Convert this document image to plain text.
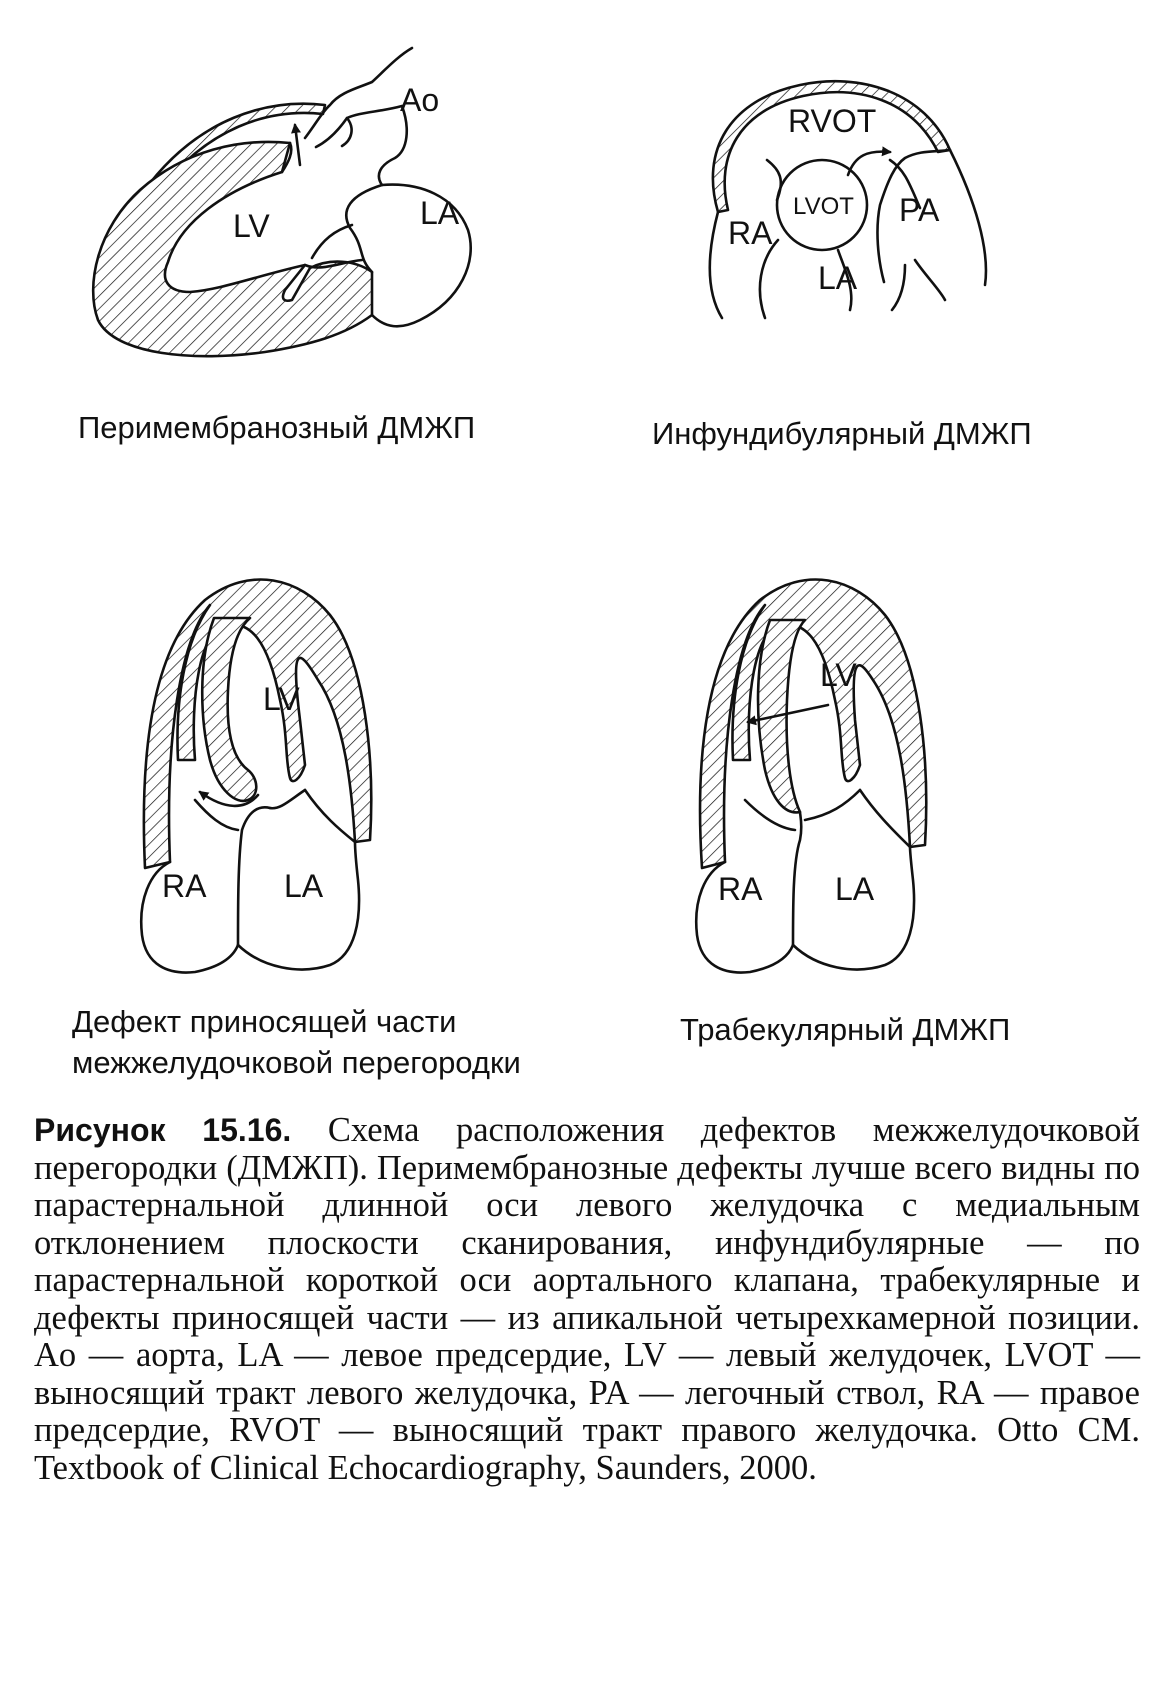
Ao
LV	LA
RVOT
LVOT
RA
PA
LA
LV
RA LA
LV
RA LA

Перимембранозный ДМЖП	Инфундибулярный ДМЖП

Дефект приносящей части

межжелудочковой перегородки

Трабекулярный ДМЖП

Рисунок 15.16. Схема расположения дефектов межжелудочковой перегородки (ДМЖП). Перимембранозные дефекты лучше всего видны по парастернальной длинной оси левого желудочка с медиальным отклонением плоскости сканирования, инфундибулярные — по парастернальной короткой оси аортального клапана, трабекулярные и дефекты приносящей части — из апикальной четырехкамерной позиции. Ao — аорта, LA — левое предсердие, LV — левый желудочек, LVOT — выносящий тракт левого желудочка, PA — легочный ствол, RA — правое предсердие, RVOT — выносящий тракт правого желудочка. Otto CM. Textbook of Clinical Echocardiography, Saunders, 2000.
